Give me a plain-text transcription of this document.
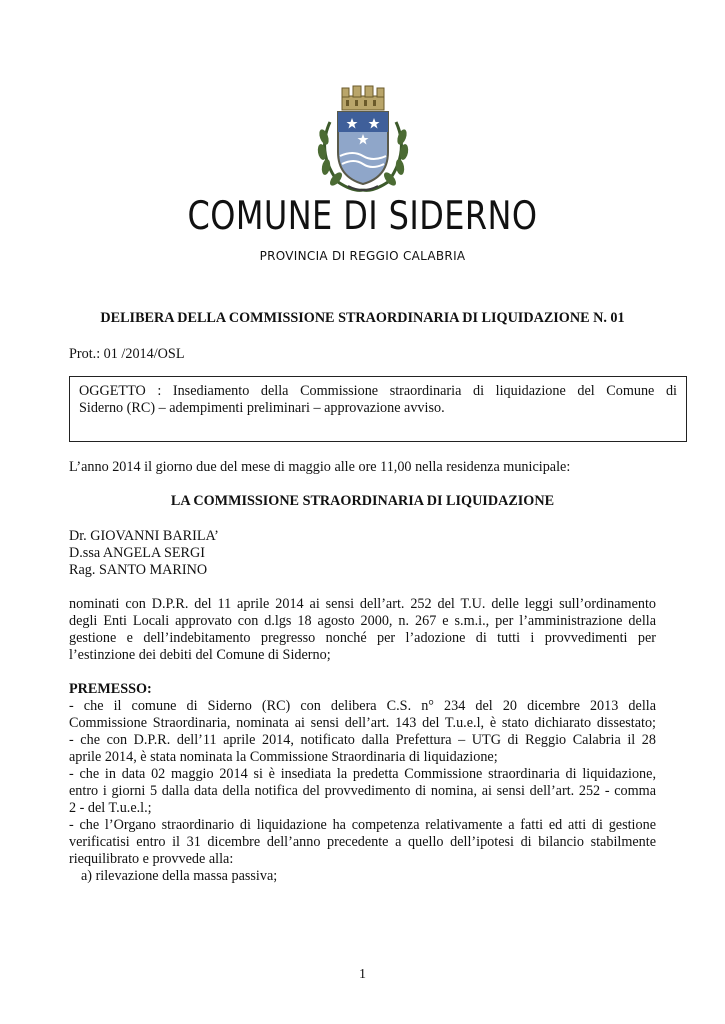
COMUNE DI SIDERNO
PROVINCIA DI REGGIO CALABRIA
DELIBERA DELLA COMMISSIONE STRAORDINARIA DI LIQUIDAZIONE N. 01
Prot.: 01 /2014/OSL
OGGETTO : Insediamento della Commissione straordinaria di liquidazione del Comune di
Siderno (RC) – adempimenti preliminari – approvazione avviso.
L’anno 2014 il giorno due del mese di maggio alle ore 11,00 nella residenza municipale:
LA COMMISSIONE STRAORDINARIA DI LIQUIDAZIONE
Dr. GIOVANNI BARILA’
D.ssa ANGELA SERGI
Rag. SANTO MARINO
nominati con D.P.R. del 11 aprile 2014 ai sensi dell’art. 252 del T.U. delle leggi sull’ordinamento
degli Enti Locali approvato con d.lgs 18 agosto 2000, n. 267 e s.m.i., per l’amministrazione della
gestione e dell’indebitamento pregresso nonché per l’adozione di tutti i provvedimenti per
l’estinzione dei debiti del Comune di Siderno;
PREMESSO:
- che il comune di Siderno (RC) con delibera C.S. n° 234 del 20 dicembre 2013 della
Commissione Straordinaria, nominata ai sensi dell’art. 143 del T.u.e.l, è stato dichiarato dissestato;
- che con D.P.R. dell’11 aprile 2014, notificato dalla Prefettura – UTG di Reggio Calabria il 28
aprile 2014, è stata nominata la Commissione Straordinaria di liquidazione;
- che in data 02 maggio 2014 si è insediata la predetta Commissione straordinaria di liquidazione,
entro i giorni 5 dalla data della notifica del provvedimento di nomina, ai sensi dell’art. 252 - comma
2 - del T.u.e.l.;
- che l’Organo straordinario di liquidazione ha competenza relativamente a fatti ed atti di gestione
verificatisi entro il 31 dicembre dell’anno precedente a quello dell’ipotesi di bilancio stabilmente
riequilibrato e provvede alla:
a) rilevazione della massa passiva;
1
